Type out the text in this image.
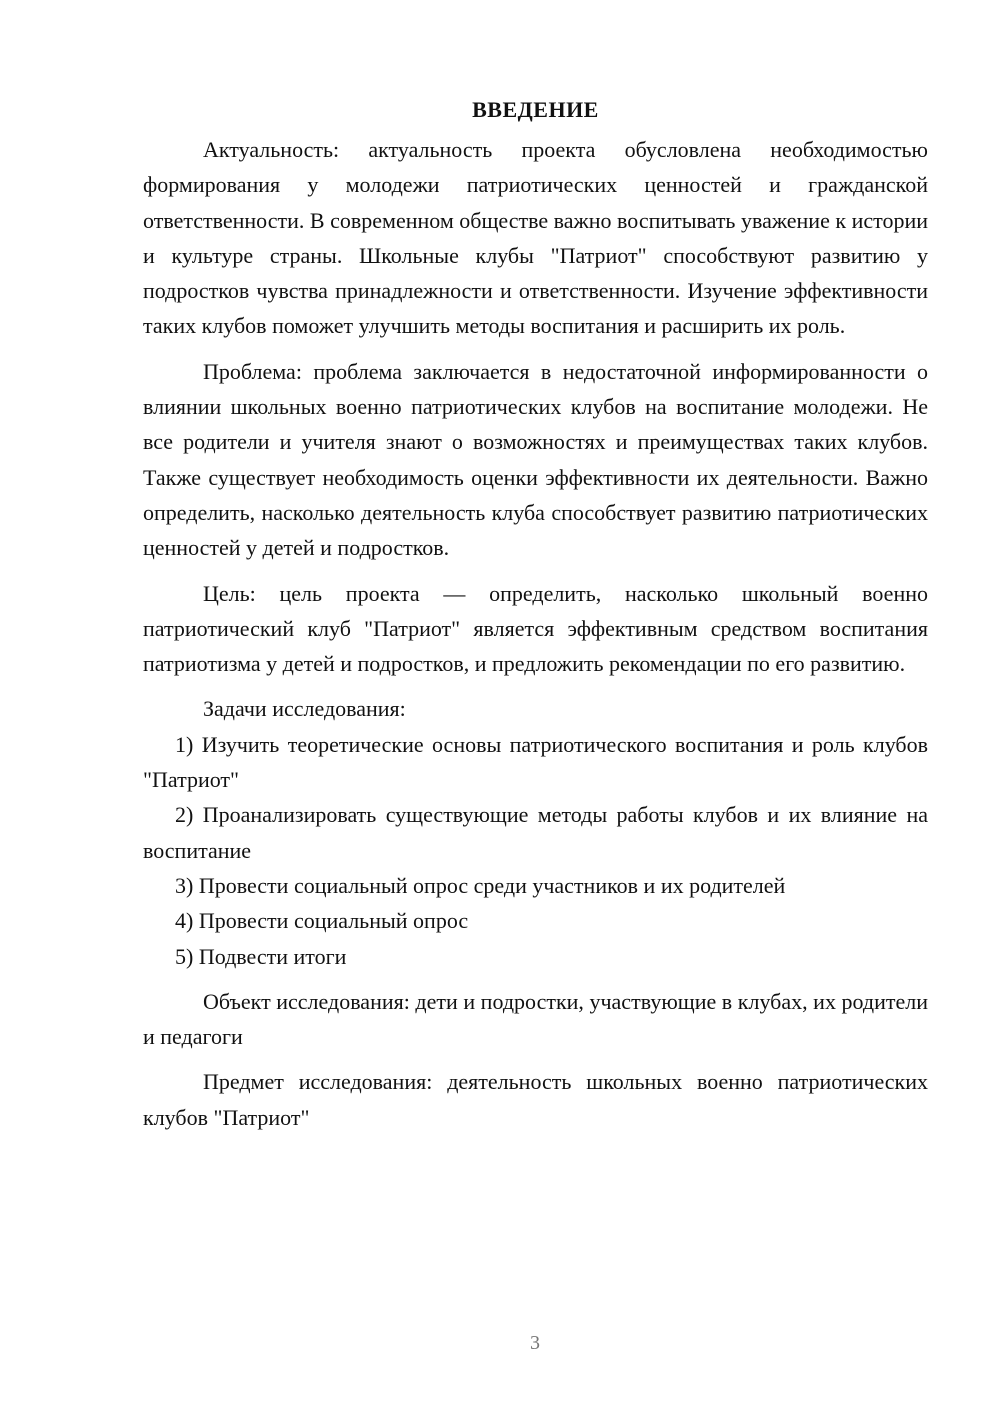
ВВЕДЕНИЕ

Актуальность: актуальность проекта обусловлена необходимостью формирования у молодежи патриотических ценностей и гражданской ответственности. В современном обществе важно воспитывать уважение к истории и культуре страны. Школьные клубы "Патриот" способствуют развитию у подростков чувства принадлежности и ответственности. Изучение эффективности таких клубов поможет улучшить методы воспитания и расширить их роль.

Проблема: проблема заключается в недостаточной информированности о влиянии школьных военно патриотических клубов на воспитание молодежи. Не все родители и учителя знают о возможностях и преимуществах таких клубов. Также существует необходимость оценки эффективности их деятельности. Важно определить, насколько деятельность клуба способствует развитию патриотических ценностей у детей и подростков.

Цель: цель проекта — определить, насколько школьный военно патриотический клуб "Патриот" является эффективным средством воспитания патриотизма у детей и подростков, и предложить рекомендации по его развитию.

Задачи исследования:

1) Изучить теоретические основы патриотического воспитания и роль клубов "Патриот"

2) Проанализировать существующие методы работы клубов и их влияние на воспитание

3) Провести социальный опрос среди участников и их родителей

4) Провести социальный опрос

5) Подвести итоги

Объект исследования: дети и подростки, участвующие в клубах, их родители и педагоги

Предмет исследования: деятельность школьных военно патриотических клубов "Патриот"

3
